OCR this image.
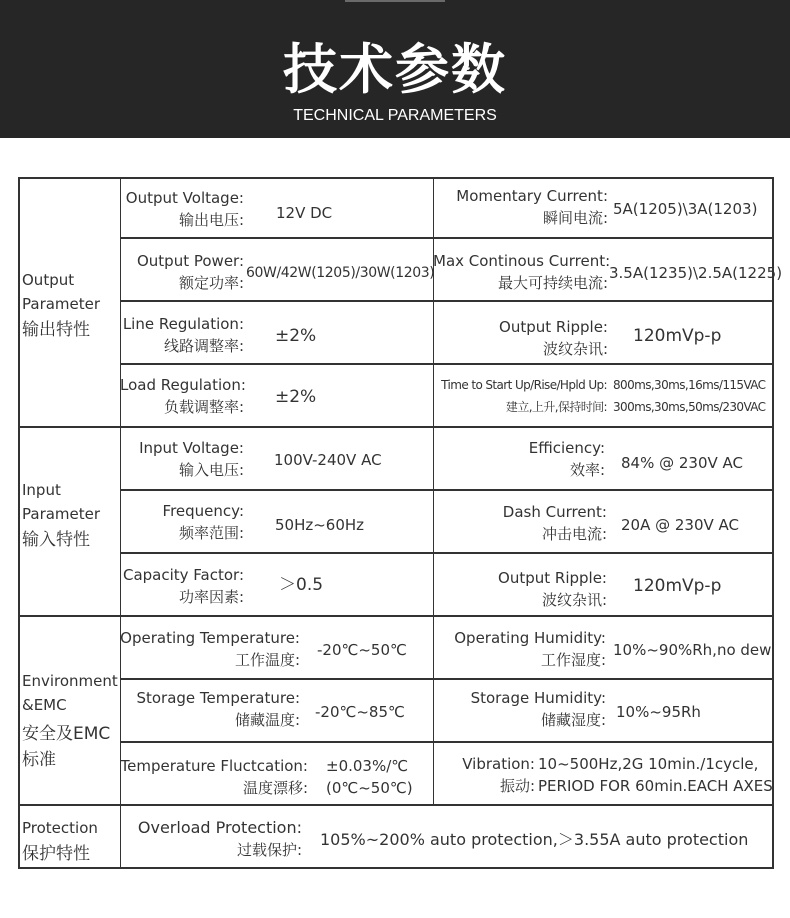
技术参数
TECHNICAL PARAMETERS
Output
Parameter
输出特性
Output Voltage:
输出电压: 12V DC
Momentary Current:
瞬间电流: 5A(1205)\3A(1203)
Output Power:
额定功率:
60W/42W(1205)/30W(1203)
Max Continous Current:
最大可持续电流:
3.5A(1235)\2.5A(1225)
Line Regulation:
线路调整率: ±2%	Output Ripple:
波纹杂讯:
120mVp-p
Load Regulation:
负载调整率: ±2%
Time to Start Up/Rise/Hpld Up:
建立,上升,保持时间:
800ms,30ms,16ms/115VAC
300ms,30ms,50ms/230VAC
Input
Parameter
输入特性
Input Voltage:
输入电压:
100V-240V AC
Efficiency:
效率: 84% @ 230V AC
Frequency:
频率范围: 50Hz~60Hz
Dash Current:
冲击电流: 20A @ 230V AC
Capacity Factor:
功率因素:
＞0.5	Output Ripple:
波纹杂讯:
120mVp-p
Environment
&EMC
安全及EMC
标准
Operating Temperature:
工作温度:
-20℃~50℃
Operating Humidity:
工作湿度:
10%~90%Rh,no dew
Storage Temperature:
储藏温度: -20℃~85℃
Storage Humidity:
储藏湿度: 10%~95Rh
Temperature Fluctcation:
温度漂移:
±0.03%/℃
(0℃~50℃)
Vibration:
振动:
10~500Hz,2G 10min./1cycle,
PERIOD FOR 60min.EACH AXES
Protection
保护特性
Overload Protection:
过载保护:
105%~200% auto protection,＞3.55A auto protection
